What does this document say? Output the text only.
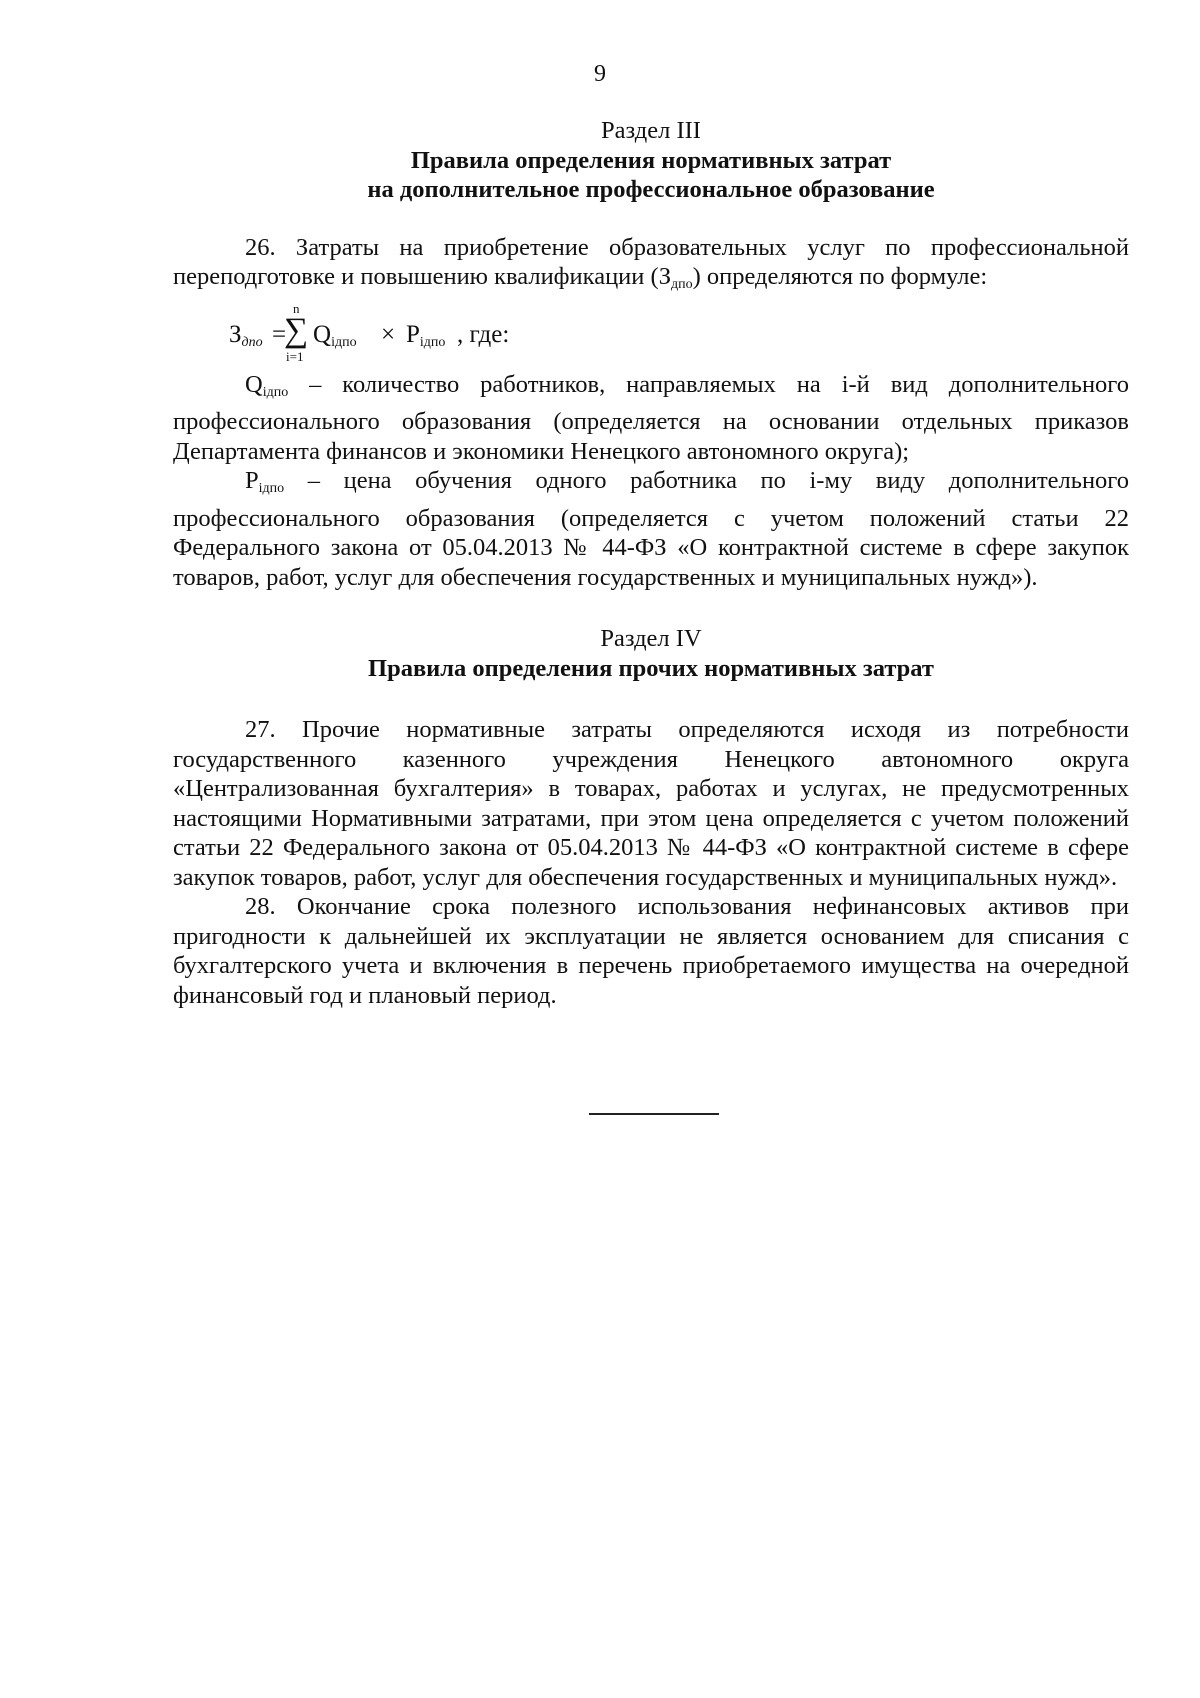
9

Раздел III

Правила определения нормативных затрат

на дополнительное профессиональное образование

26. Затраты на приобретение образовательных услуг по профессиональной переподготовке и повышению квалификации $(З_{дпо})$ определяются по формуле:

Здпо =
n
∑
i=1
$Q_{iдпо} \times P_{iдпо}$ , где:

$Q_{iдпо}$ – количество работников, направляемых на i-й вид дополнительного профессионального образования (определяется на основании отдельных приказов Департамента финансов и экономики Ненецкого автономного округа);

$P_{iдпо}$ – цена обучения одного работника по i-му виду дополнительного профессионального образования (определяется с учетом положений статьи 22 Федерального закона от 05.04.2013 № 44-ФЗ «О контрактной системе в сфере закупок товаров, работ, услуг для обеспечения государственных и муниципальных нужд»).

Раздел IV

Правила определения прочих нормативных затрат

27. Прочие нормативные затраты определяются исходя из потребности государственного казенного учреждения Ненецкого автономного округа «Централизованная бухгалтерия» в товарах, работах и услугах, не предусмотренных настоящими Нормативными затратами, при этом цена определяется с учетом положений статьи 22 Федерального закона от 05.04.2013 № 44-ФЗ «О контрактной системе в сфере закупок товаров, работ, услуг для обеспечения государственных и муниципальных нужд».

28. Окончание срока полезного использования нефинансовых активов при пригодности к дальнейшей их эксплуатации не является основанием для списания с бухгалтерского учета и включения в перечень приобретаемого имущества на очередной финансовый год и плановый период.
